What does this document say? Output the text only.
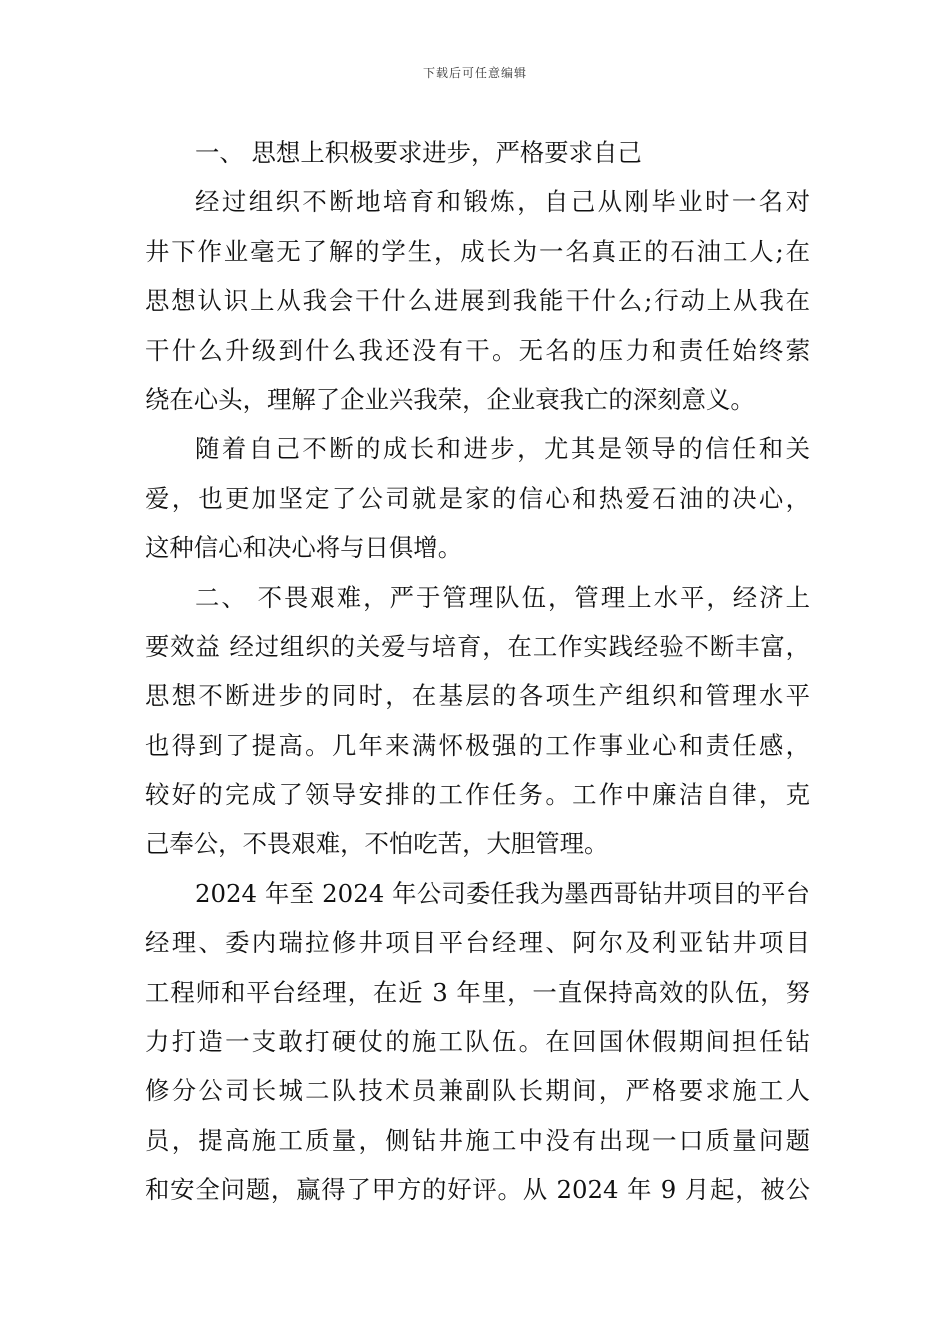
下载后可任意编辑
一、 思想上积极要求进步，严格要求自己
经过组织不断地培育和锻炼，自己从刚毕业时一名对
井下作业毫无了解的学生，成长为一名真正的石油工人;在
思想认识上从我会干什么进展到我能干什么;行动上从我在
干什么升级到什么我还没有干。无名的压力和责任始终萦
绕在心头，理解了企业兴我荣，企业衰我亡的深刻意义。
随着自己不断的成长和进步，尤其是领导的信任和关
爱，也更加坚定了公司就是家的信心和热爱石油的决心，
这种信心和决心将与日俱增。
二、 不畏艰难，严于管理队伍，管理上水平，经济上
要效益 经过组织的关爱与培育，在工作实践经验不断丰富，
思想不断进步的同时，在基层的各项生产组织和管理水平
也得到了提高。几年来满怀极强的工作事业心和责任感，
较好的完成了领导安排的工作任务。工作中廉洁自律，克
己奉公，不畏艰难，不怕吃苦，大胆管理。
2024 年至 2024 年公司委任我为墨西哥钻井项目的平台
经理、委内瑞拉修井项目平台经理、阿尔及利亚钻井项目
工程师和平台经理，在近 3 年里，一直保持高效的队伍，努
力打造一支敢打硬仗的施工队伍。在回国休假期间担任钻
修分公司长城二队技术员兼副队长期间，严格要求施工人
员，提高施工质量，侧钻井施工中没有出现一口质量问题
和安全问题，赢得了甲方的好评。从 2024 年 9 月起，被公
